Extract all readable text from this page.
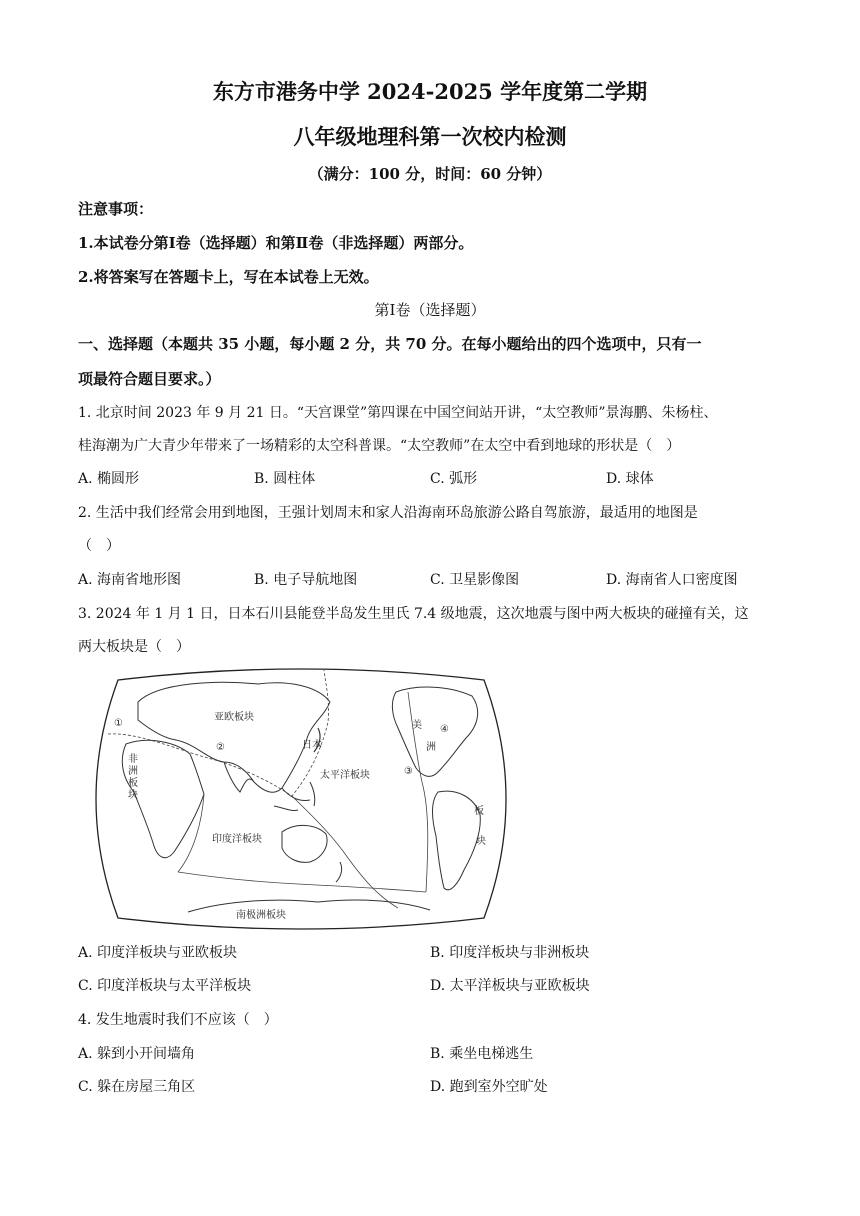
东方市港务中学 2024-2025 学年度第二学期
八年级地理科第一次校内检测
（满分：100 分，时间：60 分钟）
注意事项：
1.本试卷分第Ⅰ卷（选择题）和第Ⅱ卷（非选择题）两部分。
2.将答案写在答题卡上，写在本试卷上无效。
第Ⅰ卷（选择题）
一、选择题（本题共 35 小题，每小题 2 分，共 70 分。在每小题给出的四个选项中，只有一
项最符合题目要求。）
1. 北京时间 2023 年 9 月 21 日。“天宫课堂”第四课在中国空间站开讲，“太空教师”景海鹏、朱杨柱、
桂海潮为广大青少年带来了一场精彩的太空科普课。“太空教师”在太空中看到地球的形状是（　）
A. 椭圆形	B. 圆柱体	C. 弧形	D. 球体
2. 生活中我们经常会用到地图，王强计划周末和家人沿海南环岛旅游公路自驾旅游，最适用的地图是
（　）
A. 海南省地形图	B. 电子导航地图	C. 卫星影像图	D. 海南省人口密度图
3. 2024 年 1 月 1 日，日本石川县能登半岛发生里氏 7.4 级地震，这次地震与图中两大板块的碰撞有关，这
两大板块是（　）
亚欧板块
日本
太平洋板块
印度洋板块
南极洲板块
非
洲
板
块
美
洲
板
块
①
②
③
④
A. 印度洋板块与亚欧板块	B. 印度洋板块与非洲板块
C. 印度洋板块与太平洋板块	D. 太平洋板块与亚欧板块
4. 发生地震时我们不应该（　）
A. 躲到小开间墙角	B. 乘坐电梯逃生
C. 躲在房屋三角区	D. 跑到室外空旷处
